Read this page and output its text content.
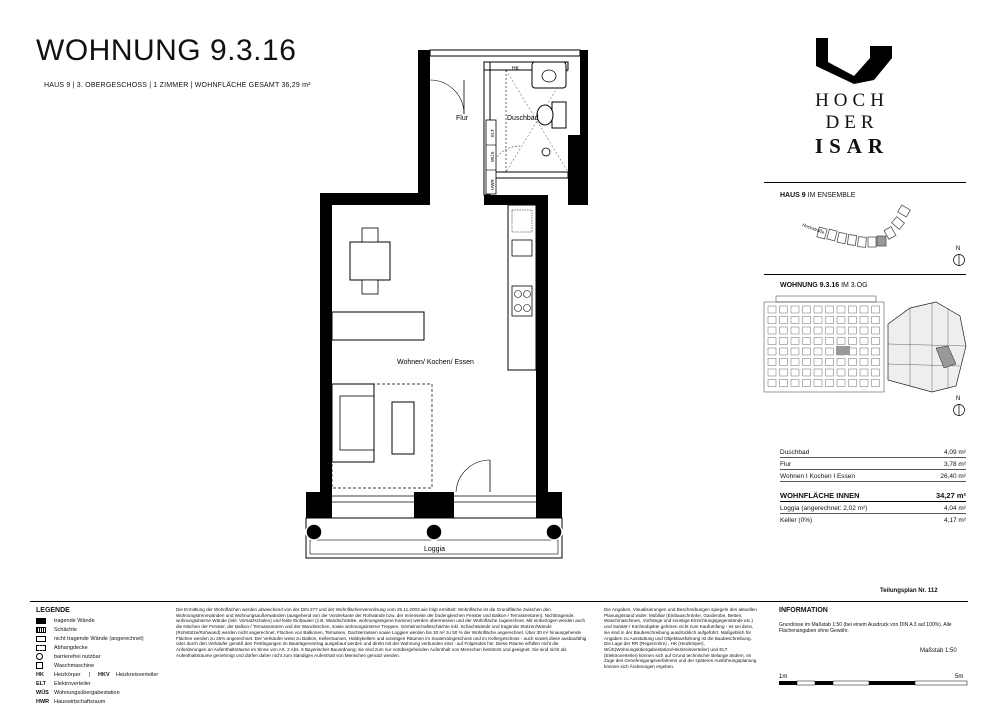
WOHNUNG 9.3.16
HAUS 9 | 3. OBERGESCHOSS | 1 ZIMMER | WOHNFLÄCHE GESAMT 36,29 m²
ELT
WÜS
HWR
Flur	Duschbad
Wohnen/ Kochen/ Essen
Loggia
HK
HOCH
DER
ISAR
HAUS 9 IM ENSEMBLE
Hochstraße
N
WOHNUNG 9.3.16 IM 3.OG
N
Duschbad	4,09 m²
Flur	3,78 m²
Wohnen I Kochen I Essen	26,40 m²
WOHNFLÄCHE INNEN	34,27 m²
Loggia (angerechnet: 2,02 m²)	4,04 m²
Keller (0%)	4,17 m²
Teilungsplan Nr. 112
LEGENDE
tragende Wände
Schächte
nicht tragende Wände (angerechnet)
Abhangdecke
barrierefrei nutzbar
Waschmaschine
HK	Heizkörper | HKV	Heizkreisverteiler
ELT	Elektroverteiler
WÜS Wohnungsübergabestation
HWR Hauswirtschaftsraum
Die Ermittlung der Wohnflächen werden abweichend von der DIN 277 und der Wohnflächenverordnung vom 25.11.2003 wie folgt ermittelt: Wohnfläche ist die Grundfläche zwischen den Wohnungstrennwänden und Wohnungsaußenwänden (ausgehend von der Vorderkante der Rohwände bzw. der Innenseite der bodengleichen Fenster und Balkon-/ Terrassentüren). Nichttragende, wohnungsinterne Wände (inkl. Vorsatzschalen) und feste Einbauten (z.B. Wandschränke, wohnungseigene Kamine) werden übermessen und der Wohnfläche zugerechnet. Mit einbezogen werden auch die Nischen der Fenster, der Balkon-/ Terrassentüren und der Wandnischen, sowie wohnungsinterne Treppen. Gemeinschaftsschächte inkl. Schachtwände und tragende Stützen/Wände (Rohstütze/Rohwand) werden nicht angerechnet. Flächen von Balkonen, Terrassen, Dachterrassen sowie Loggien werden bis 30 m² zu 50 % der Wohnfläche angerechnet. Über 30 m² hinausgehende Flächen werden zu 25% angerechnet. Der Verkäufer weist zu Balkon, Kellerräumen, Hobbykellern und sonstigen Räumen im Souterraingeschoss und im Kellergeschoss - auch soweit diese ausbaufähig oder durch den Verkäufer gemäß den Festlegungen im Bauträgervertrag ausgebaut werden und direkt mit der Wohnung verbunden sind - auf Folgendes hin: Diese Räume erfüllen nicht die Anforderungen an Aufenthaltsräume im Sinne von Art. 2 Abs. 5 Bayerischer Bauordnung; sie sind zum nur vorübergehenden Aufenthalt von Menschen bestimmt und geeignet. Sie sind nicht als Aufenthaltsräume genehmigt und dürfen daher nicht zum ständigen Aufenthalt von Menschen genutzt werden.
Die Angaben, Visualisierungen und Beschreibungen spiegeln den aktuellen Planungsstand wider. Mobiliar (Einbauschränke, Garderobe, Betten, Waschmaschinen, Vorhänge und sonstige Einrichtungsgegenstände etc.) und Sanitär-/ Kücheobjekte gehören nicht zum Kaufumfang - es sei denn, sie sind in der Baubeschreibung ausdrücklich aufgeführt. Maßgeblich für Angaben zu Ausstattung und Objektausführung ist die Baubeschreibung. Die Lage der RR (Regenrohre) , HK (Heizkörper), WÜS(Wohnungsübergabestation/Heizkreisverteiler) und ELT (Elektroverteiler) können sich auf Grund technischer Belange ändern. Im Zuge des Genehmigungsverfahrens und der späteren Ausführungsplanung können sich Änderungen ergeben.
INFORMATION
Grundrisse im Maßstab 1:50 (bei einem Ausdruck von DIN A 3 auf 100%). Alle Flächenangaben ohne Gewähr.
Maßstab 1:50
1m	5m
